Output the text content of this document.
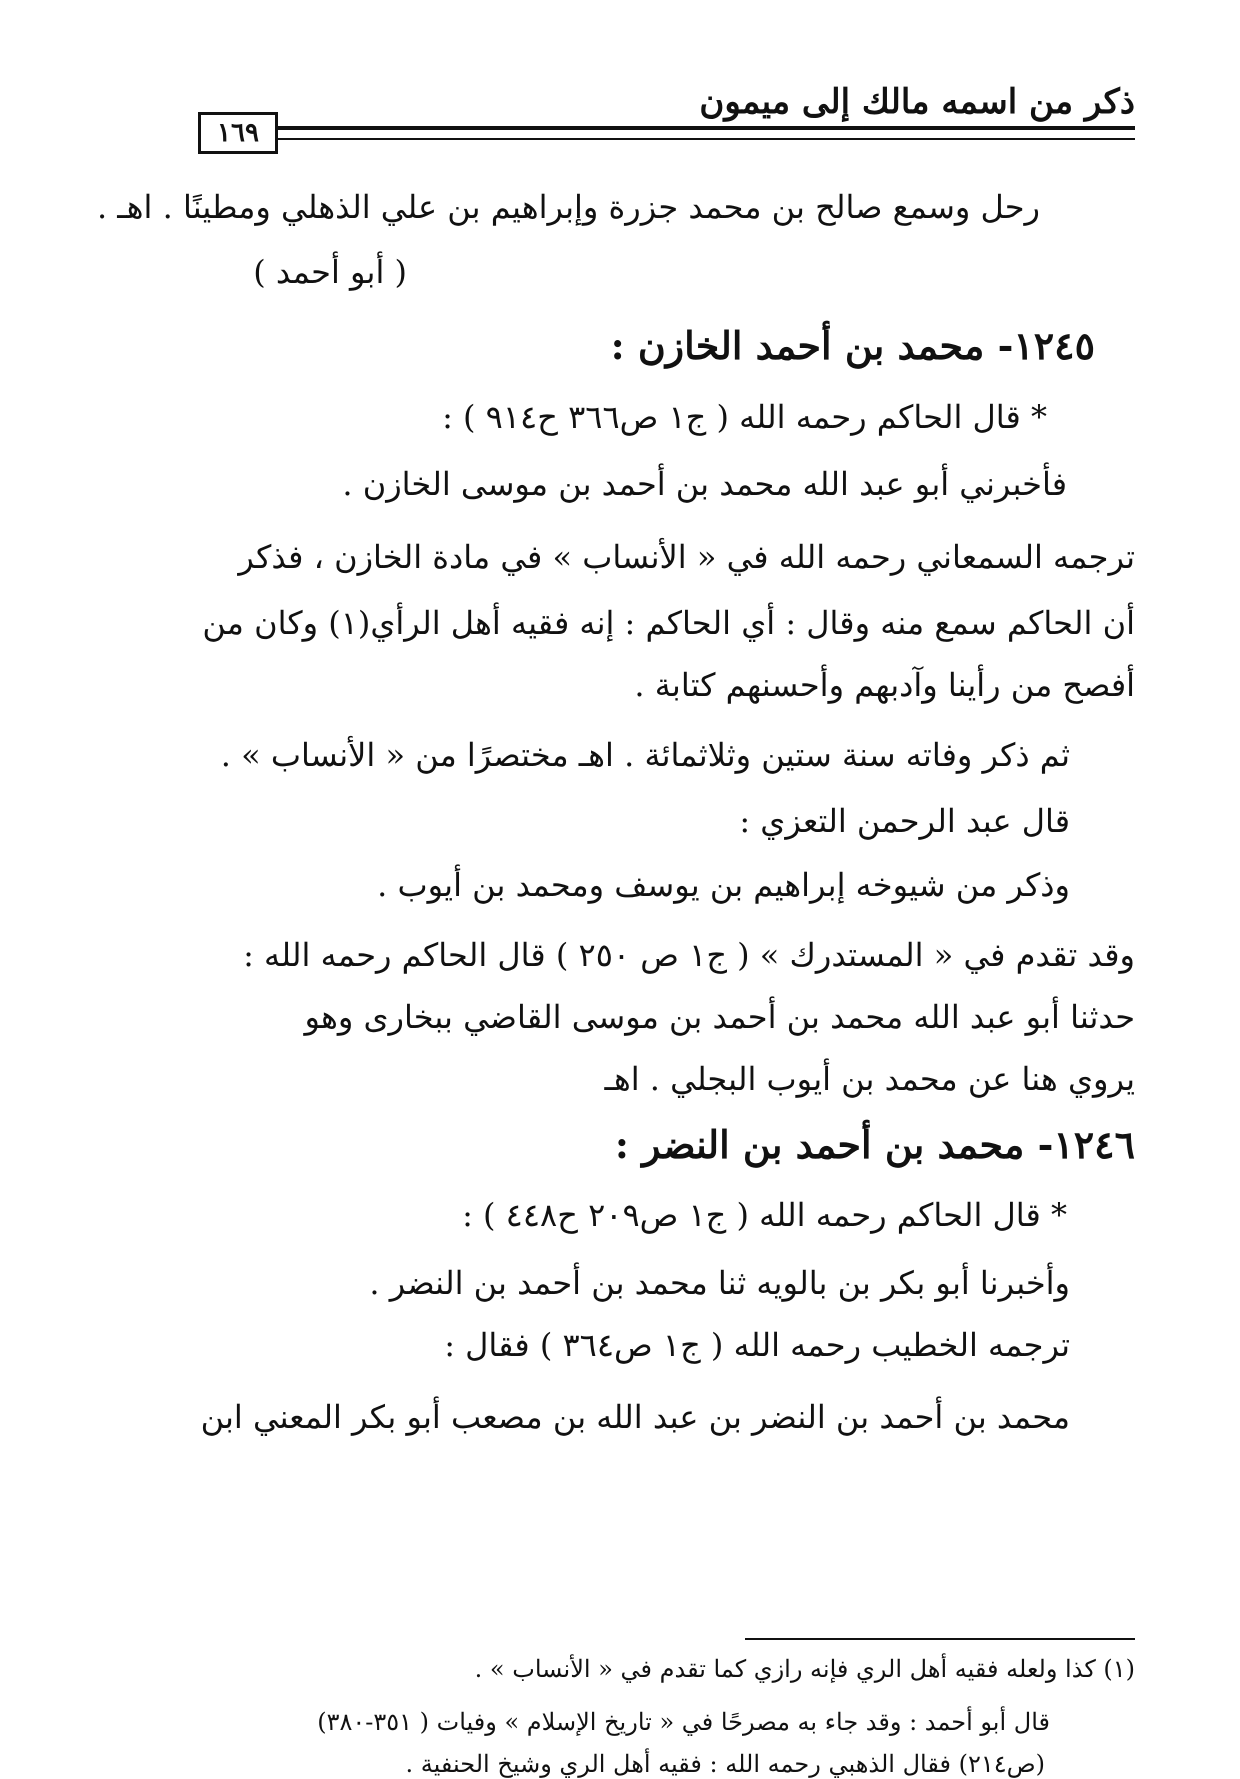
ذكر من اسمه مالك إلى ميمون
١٦٩
رحل وسمع صالح بن محمد جزرة وإبراهيم بن علي الذهلي ومطينًا . اهـ .
( أبو أحمد )
١٢٤٥- محمد بن أحمد الخازن :
* قال الحاكم رحمه الله ( ج١ ص٣٦٦ ح٩١٤ ) :
فأخبرني أبو عبد الله محمد بن أحمد بن موسى الخازن .
ترجمه السمعاني رحمه الله في « الأنساب » في مادة الخازن ، فذكر
أن الحاكم سمع منه وقال : أي الحاكم : إنه فقيه أهل الرأي(١) وكان من
أفصح من رأينا وآدبهم وأحسنهم كتابة .
ثم ذكر وفاته سنة ستين وثلاثمائة . اهـ مختصرًا من « الأنساب » .
قال عبد الرحمن التعزي :
وذكر من شيوخه إبراهيم بن يوسف ومحمد بن أيوب .
وقد تقدم في « المستدرك » ( ج١ ص ٢٥٠ ) قال الحاكم رحمه الله :
حدثنا أبو عبد الله محمد بن أحمد بن موسى القاضي ببخارى وهو
يروي هنا عن محمد بن أيوب البجلي . اهـ
١٢٤٦- محمد بن أحمد بن النضر :
* قال الحاكم رحمه الله ( ج١ ص٢٠٩ ح٤٤٨ ) :
وأخبرنا أبو بكر بن بالويه ثنا محمد بن أحمد بن النضر .
ترجمه الخطيب رحمه الله ( ج١ ص٣٦٤ ) فقال :
محمد بن أحمد بن النضر بن عبد الله بن مصعب أبو بكر المعني ابن
(١) كذا ولعله فقيه أهل الري فإنه رازي كما تقدم في « الأنساب » .
قال أبو أحمد : وقد جاء به مصرحًا في « تاريخ الإسلام » وفيات ( ٣٥١-٣٨٠)
(ص٢١٤) فقال الذهبي رحمه الله : فقيه أهل الري وشيخ الحنفية .
